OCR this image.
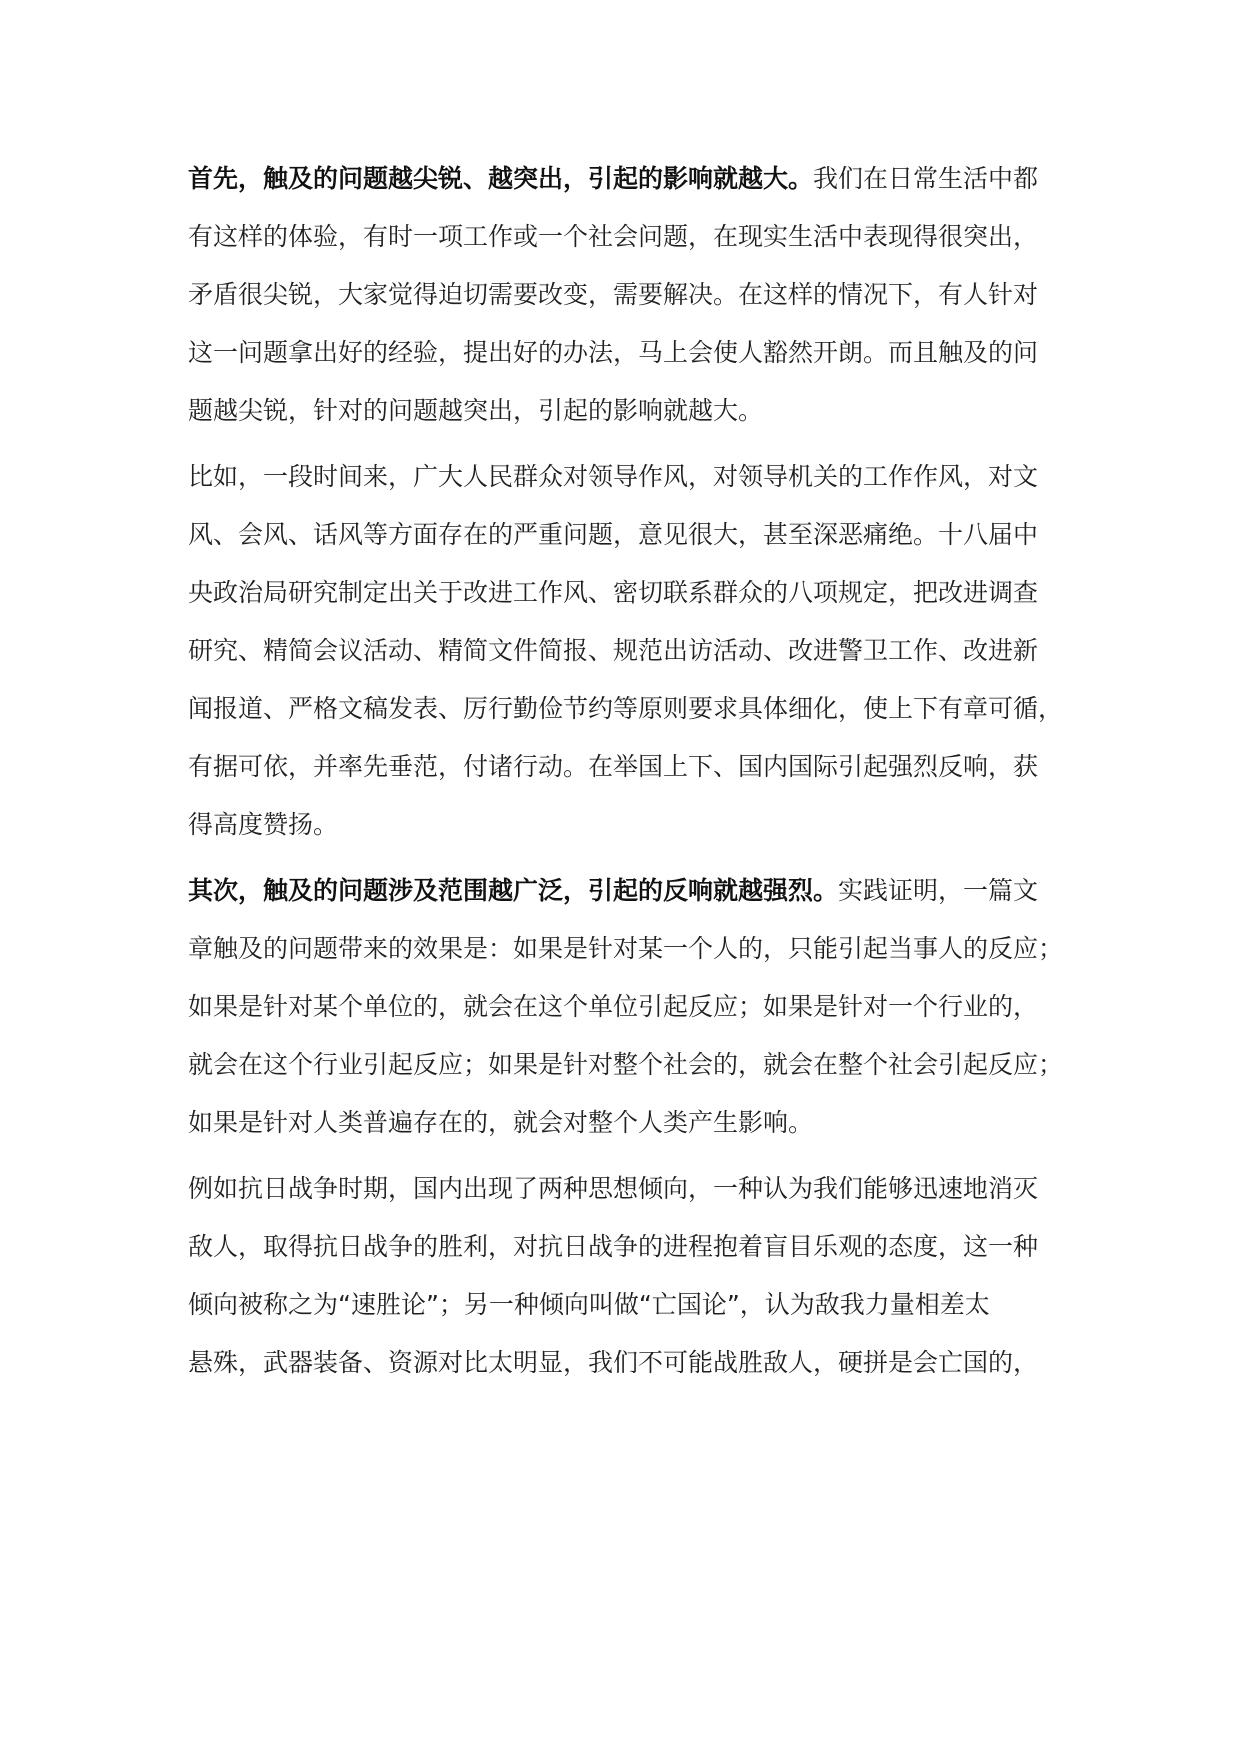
首先，触及的问题越尖锐、越突出，引起的影响就越大。我们在日常生活中都
有这样的体验，有时一项工作或一个社会问题，在现实生活中表现得很突出，
矛盾很尖锐，大家觉得迫切需要改变，需要解决。在这样的情况下，有人针对
这一问题拿出好的经验，提出好的办法，马上会使人豁然开朗。而且触及的问
题越尖锐，针对的问题越突出，引起的影响就越大。
比如，一段时间来，广大人民群众对领导作风，对领导机关的工作作风，对文
风、会风、话风等方面存在的严重问题，意见很大，甚至深恶痛绝。十八届中
央政治局研究制定出关于改进工作风、密切联系群众的八项规定，把改进调查
研究、精简会议活动、精简文件简报、规范出访活动、改进警卫工作、改进新
闻报道、严格文稿发表、厉行勤俭节约等原则要求具体细化，使上下有章可循，
有据可依，并率先垂范，付诸行动。在举国上下、国内国际引起强烈反响，获
得高度赞扬。
其次，触及的问题涉及范围越广泛，引起的反响就越强烈。实践证明，一篇文
章触及的问题带来的效果是：如果是针对某一个人的，只能引起当事人的反应；
如果是针对某个单位的，就会在这个单位引起反应；如果是针对一个行业的，
就会在这个行业引起反应；如果是针对整个社会的，就会在整个社会引起反应；
如果是针对人类普遍存在的，就会对整个人类产生影响。
例如抗日战争时期，国内出现了两种思想倾向，一种认为我们能够迅速地消灭
敌人，取得抗日战争的胜利，对抗日战争的进程抱着盲目乐观的态度，这一种
倾向被称之为“速胜论”；另一种倾向叫做“亡国论”，认为敌我力量相差太
悬殊，武器装备、资源对比太明显，我们不可能战胜敌人，硬拼是会亡国的，
